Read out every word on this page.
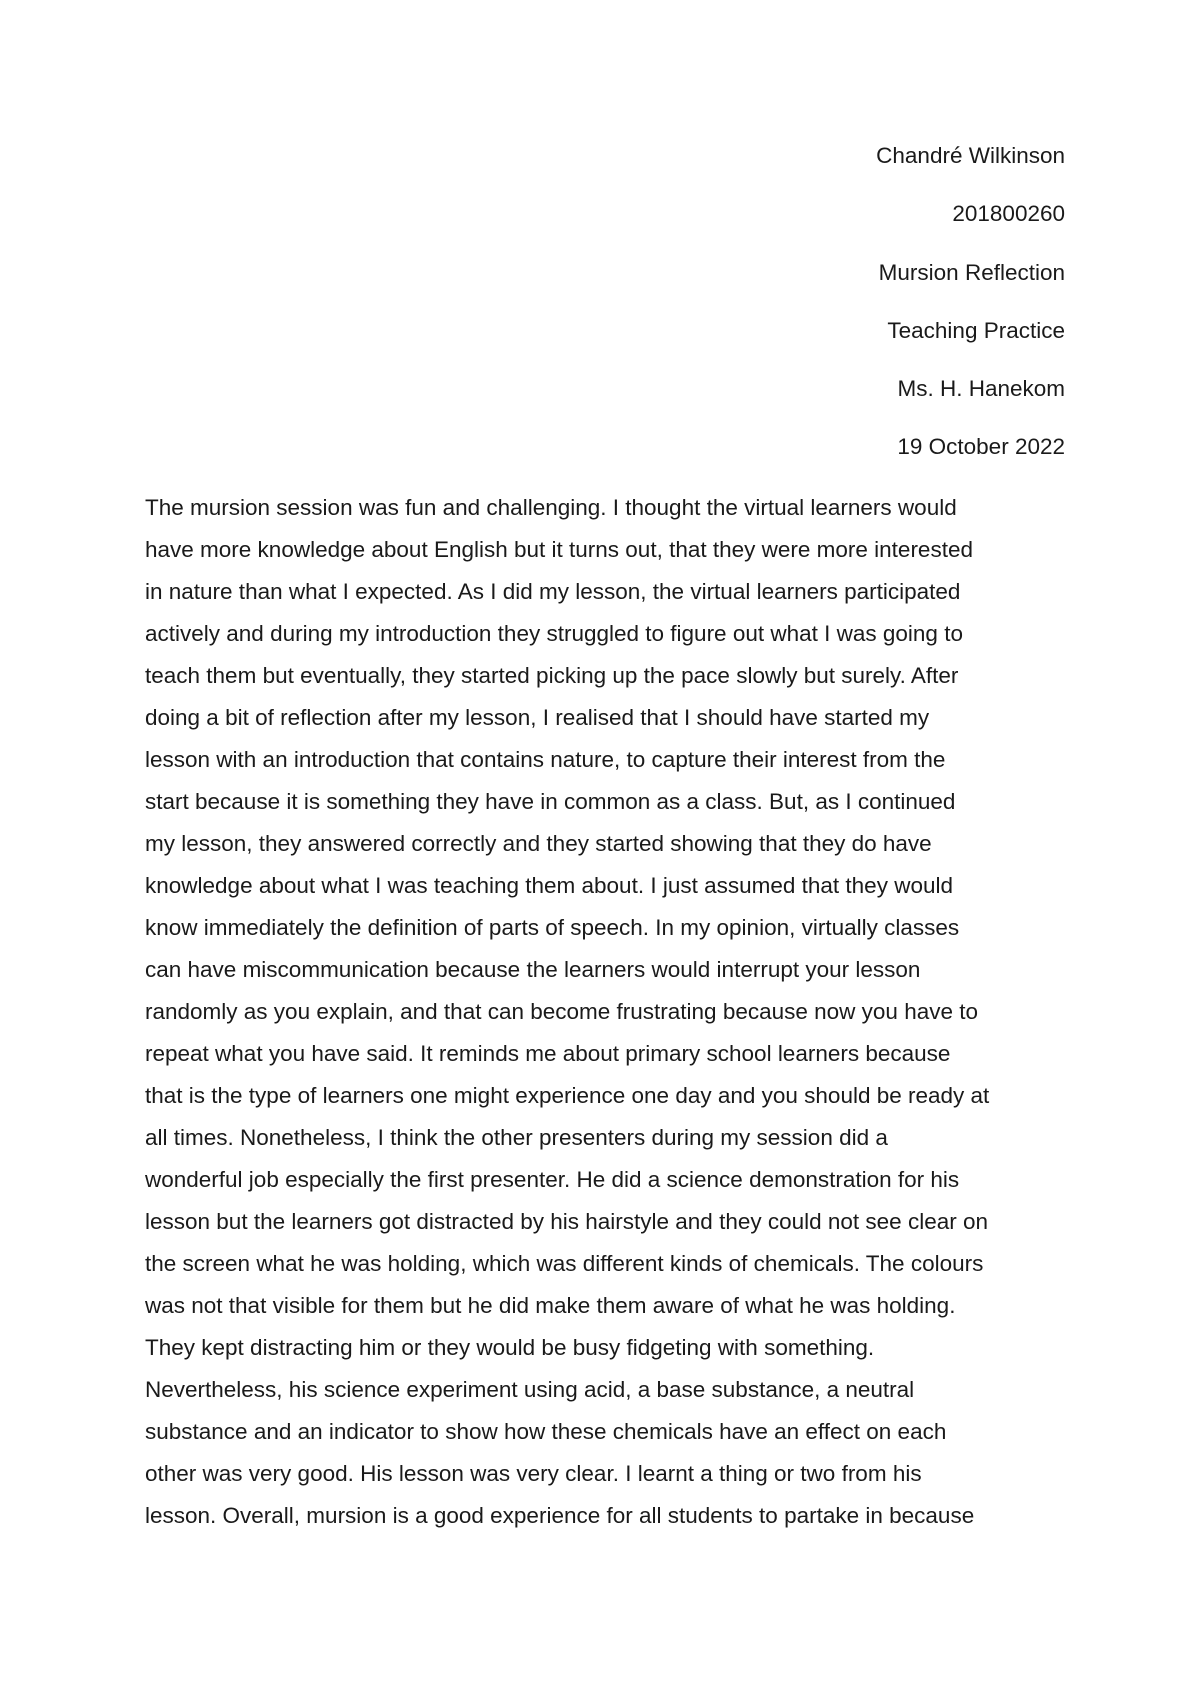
Chandré Wilkinson
201800260
Mursion Reflection
Teaching Practice
Ms. H. Hanekom
19 October 2022
The mursion session was fun and challenging. I thought the virtual learners would
have more knowledge about English but it turns out, that they were more interested
in nature than what I expected. As I did my lesson, the virtual learners participated
actively and during my introduction they struggled to figure out what I was going to
teach them but eventually, they started picking up the pace slowly but surely. After
doing a bit of reflection after my lesson, I realised that I should have started my
lesson with an introduction that contains nature, to capture their interest from the
start because it is something they have in common as a class. But, as I continued
my lesson, they answered correctly and they started showing that they do have
knowledge about what I was teaching them about. I just assumed that they would
know immediately the definition of parts of speech. In my opinion, virtually classes
can have miscommunication because the learners would interrupt your lesson
randomly as you explain, and that can become frustrating because now you have to
repeat what you have said. It reminds me about primary school learners because
that is the type of learners one might experience one day and you should be ready at
all times. Nonetheless, I think the other presenters during my session did a
wonderful job especially the first presenter. He did a science demonstration for his
lesson but the learners got distracted by his hairstyle and they could not see clear on
the screen what he was holding, which was different kinds of chemicals. The colours
was not that visible for them but he did make them aware of what he was holding.
They kept distracting him or they would be busy fidgeting with something.
Nevertheless, his science experiment using acid, a base substance, a neutral
substance and an indicator to show how these chemicals have an effect on each
other was very good. His lesson was very clear. I learnt a thing or two from his
lesson. Overall, mursion is a good experience for all students to partake in because
